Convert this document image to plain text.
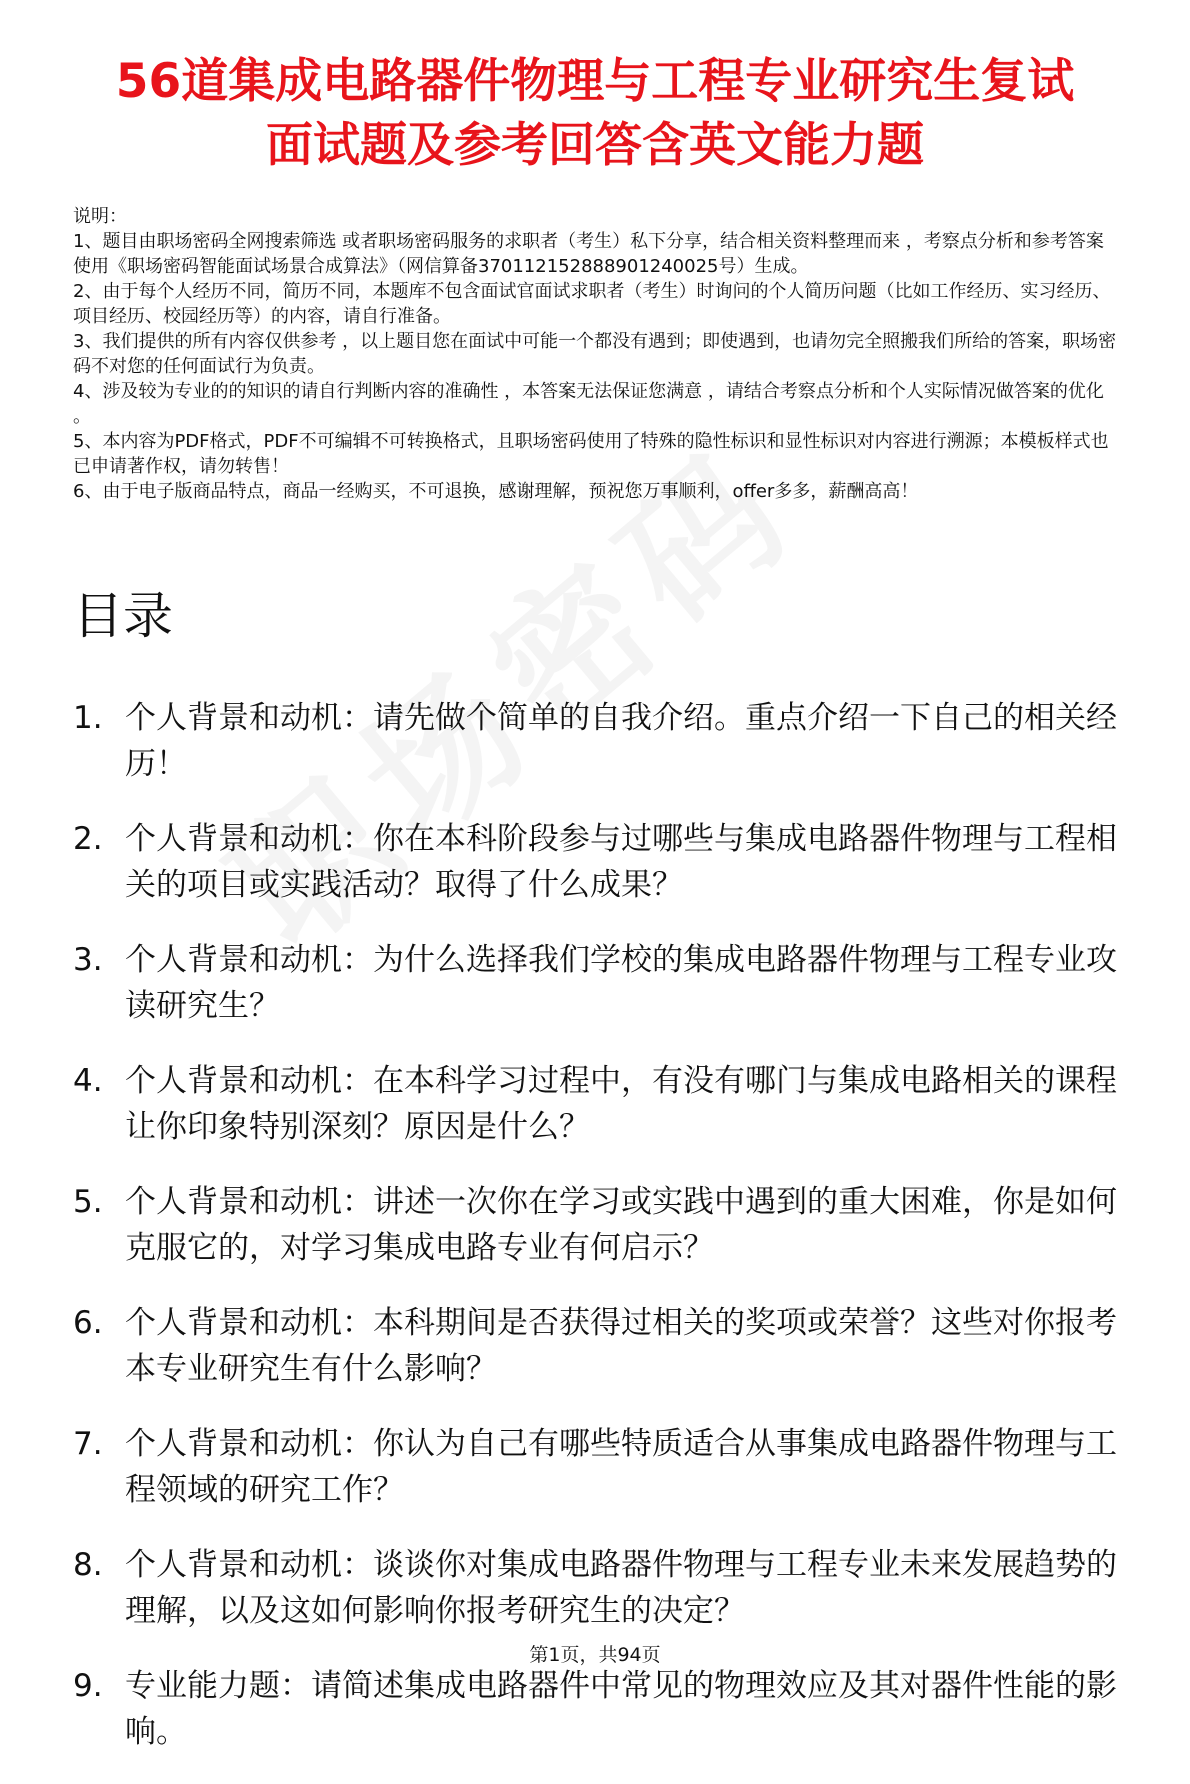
56道集成电路器件物理与工程专业研究生复试
面试题及参考回答含英文能力题

说明：

1、题目由职场密码全网搜索筛选 或者职场密码服务的求职者（考生）私下分享，结合相关资料整理而来 ，考察点分析和参考答案使用《职场密码智能面试场景合成算法》（网信算备370112152888901240025号）生成。

2、由于每个人经历不同，简历不同，本题库不包含面试官面试求职者（考生）时询问的个人简历问题（比如工作经历、实习经历、项目经历、校园经历等）的内容，请自行准备。

3、我们提供的所有内容仅供参考 ，以上题目您在面试中可能一个都没有遇到；即使遇到，也请勿完全照搬我们所给的答案，职场密码不对您的任何面试行为负责。

4、涉及较为专业的的知识的请自行判断内容的准确性 ，本答案无法保证您满意 ，请结合考察点分析和个人实际情况做答案的优化 。

5、本内容为PDF格式，PDF不可编辑不可转换格式，且职场密码使用了特殊的隐性标识和显性标识对内容进行溯源；本模板样式也已申请著作权，请勿转售！

6、由于电子版商品特点，商品一经购买，不可退换，感谢理解，预祝您万事顺利，offer多多，薪酬高高！

目录
1. 个人背景和动机：请先做个简单的自我介绍。重点介绍一下自己的相关经历！
2. 个人背景和动机：你在本科阶段参与过哪些与集成电路器件物理与工程相关的项目或实践活动？取得了什么成果？
3. 个人背景和动机：为什么选择我们学校的集成电路器件物理与工程专业攻读研究生？
4. 个人背景和动机：在本科学习过程中，有没有哪门与集成电路相关的课程让你印象特别深刻？原因是什么？
5. 个人背景和动机：讲述一次你在学习或实践中遇到的重大困难，你是如何克服它的，对学习集成电路专业有何启示？
6. 个人背景和动机：本科期间是否获得过相关的奖项或荣誉？这些对你报考本专业研究生有什么影响？
7. 个人背景和动机：你认为自己有哪些特质适合从事集成电路器件物理与工程领域的研究工作？
8. 个人背景和动机：谈谈你对集成电路器件物理与工程专业未来发展趋势的理解，以及这如何影响你报考研究生的决定？
9. 专业能力题：请简述集成电路器件中常见的物理效应及其对器件性能的影响。
第1页，共94页
